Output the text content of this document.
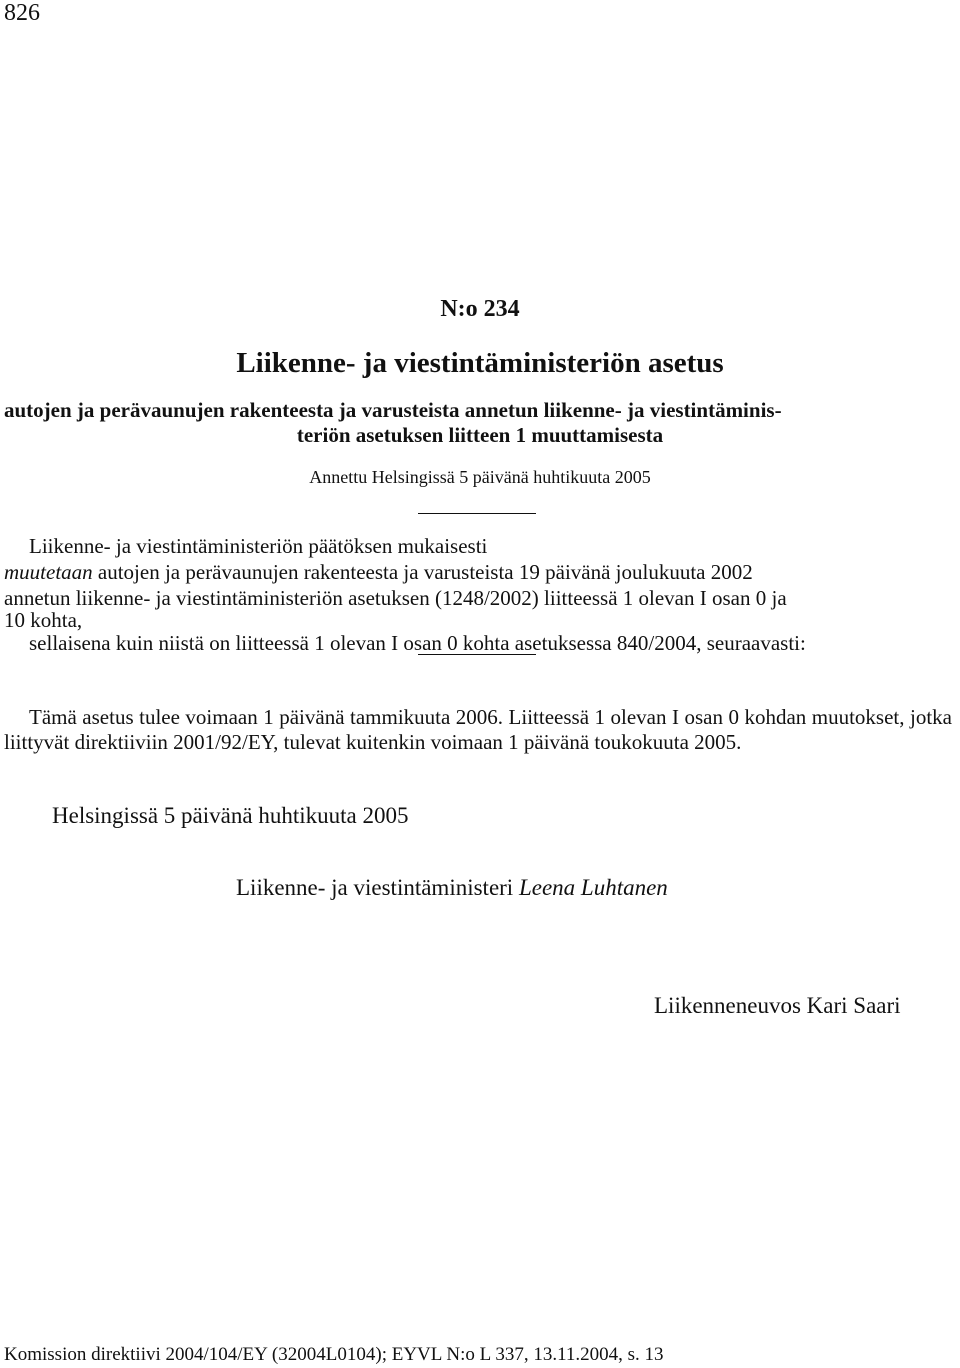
826
N:o 234
Liikenne- ja viestintäministeriön asetus
autojen ja perävaunujen rakenteesta ja varusteista annetun liikenne- ja viestintäminis-
teriön asetuksen liitteen 1 muuttamisesta
Annettu Helsingissä 5 päivänä huhtikuuta 2005
Liikenne- ja viestintäministeriön päätöksen mukaisesti
muutetaan autojen ja perävaunujen rakenteesta ja varusteista 19 päivänä joulukuuta 2002
annetun liikenne- ja viestintäministeriön asetuksen (1248/2002) liitteessä 1 olevan I osan 0 ja
10 kohta,
sellaisena kuin niistä on liitteessä 1 olevan I osan 0 kohta asetuksessa 840/2004, seuraavasti:
Tämä asetus tulee voimaan 1 päivänä tammikuuta 2006. Liitteessä 1 olevan I osan 0 kohdan muutokset, jotka liittyvät direktiiviin 2001/92/EY, tulevat kuitenkin voimaan 1 päivänä toukokuuta 2005.
Helsingissä 5 päivänä huhtikuuta 2005
Liikenne- ja viestintäministeri Leena Luhtanen
Liikenneneuvos Kari Saari
Komission direktiivi 2004/104/EY (32004L0104); EYVL N:o L 337, 13.11.2004, s. 13
